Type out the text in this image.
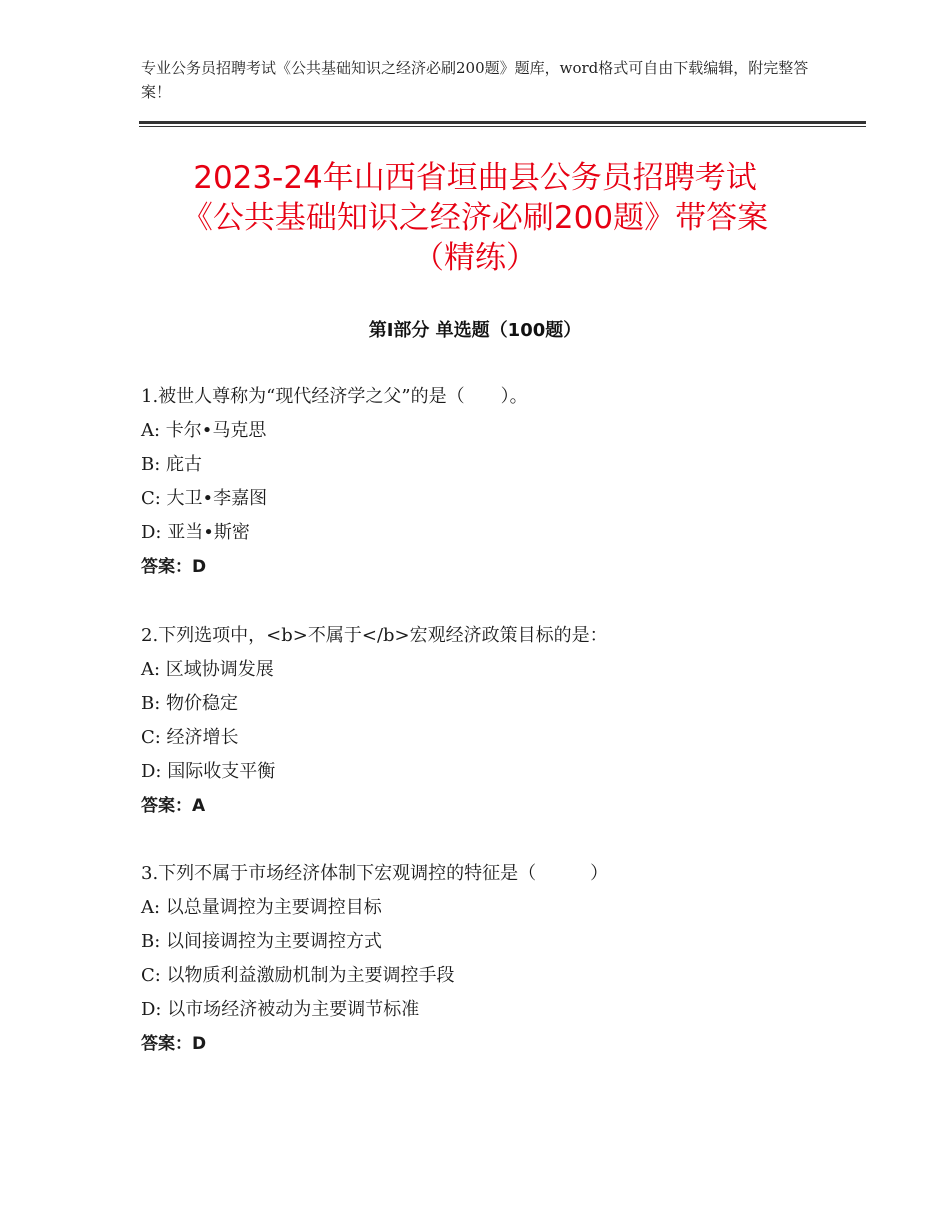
专业公务员招聘考试《公共基础知识之经济必刷200题》题库，word格式可自由下载编辑，附完整答案！
2023-24年山西省垣曲县公务员招聘考试
《公共基础知识之经济必刷200题》带答案
（精练）
第Ⅰ部分 单选题（100题）
1.被世人尊称为“现代经济学之父”的是（　　）。
A: 卡尔•马克思
B: 庇古
C: 大卫•李嘉图
D: 亚当•斯密
答案：D
2.下列选项中，<b>不属于</b>宏观经济政策目标的是：
A: 区域协调发展
B: 物价稳定
C: 经济增长
D: 国际收支平衡
答案：A
3.下列不属于市场经济体制下宏观调控的特征是（　　　）
A: 以总量调控为主要调控目标
B: 以间接调控为主要调控方式
C: 以物质利益激励机制为主要调控手段
D: 以市场经济被动为主要调节标准
答案：D
